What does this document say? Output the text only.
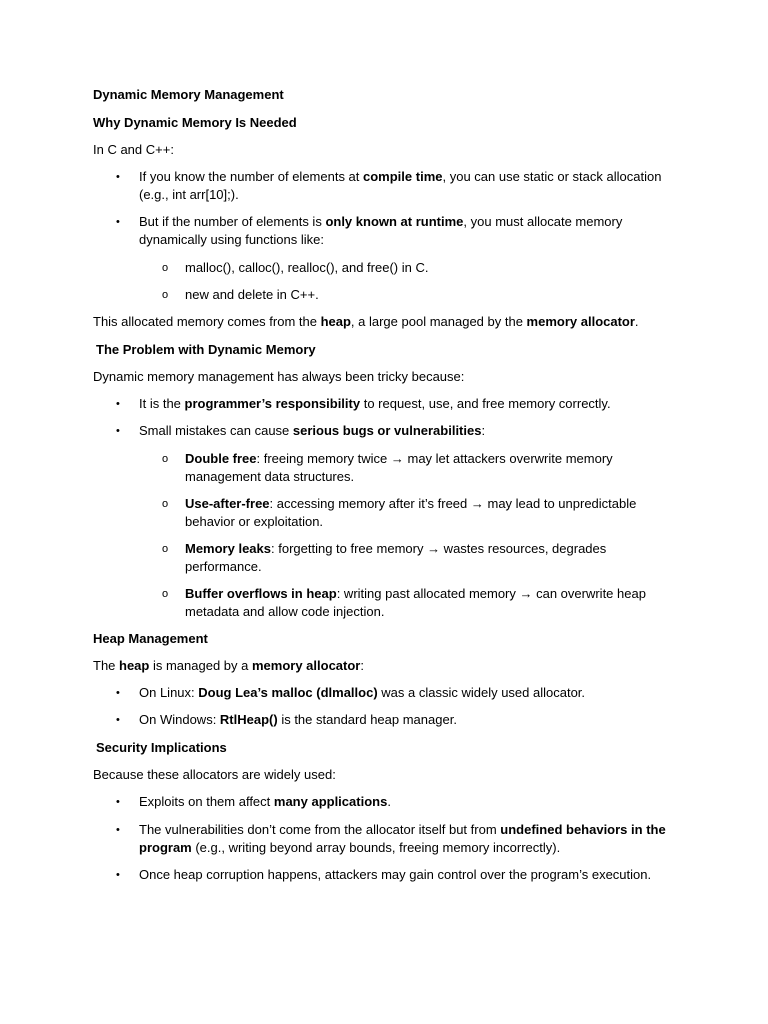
Dynamic Memory Management
Why Dynamic Memory Is Needed
In C and C++:
• If you know the number of elements at compile time, you can use static or stack allocation (e.g., int arr[10];).
• But if the number of elements is only known at runtime, you must allocate memory dynamically using functions like:
o malloc(), calloc(), realloc(), and free() in C.
o new and delete in C++.
This allocated memory comes from the heap, a large pool managed by the memory allocator.
The Problem with Dynamic Memory
Dynamic memory management has always been tricky because:
• It is the programmer’s responsibility to request, use, and free memory correctly.
• Small mistakes can cause serious bugs or vulnerabilities:
o Double free: freeing memory twice → may let attackers overwrite memory management data structures.
o Use-after-free: accessing memory after it’s freed → may lead to unpredictable behavior or exploitation.
o Memory leaks: forgetting to free memory → wastes resources, degrades performance.
o Buffer overflows in heap: writing past allocated memory → can overwrite heap metadata and allow code injection.
Heap Management
The heap is managed by a memory allocator:
• On Linux: Doug Lea’s malloc (dlmalloc) was a classic widely used allocator.
• On Windows: RtlHeap() is the standard heap manager.
Security Implications
Because these allocators are widely used:
• Exploits on them affect many applications.
• The vulnerabilities don’t come from the allocator itself but from undefined behaviors in the program (e.g., writing beyond array bounds, freeing memory incorrectly).
• Once heap corruption happens, attackers may gain control over the program’s execution.
